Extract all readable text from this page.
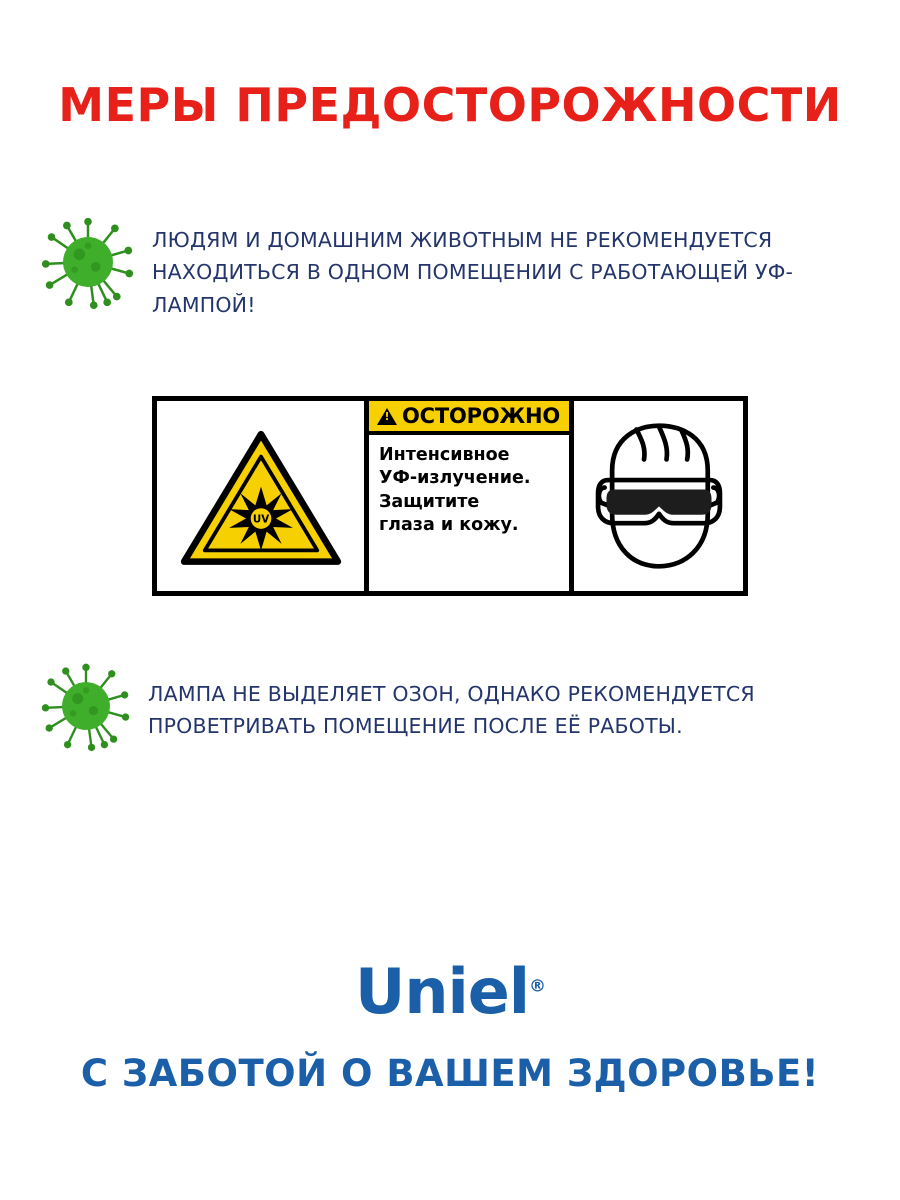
МЕРЫ ПРЕДОСТОРОЖНОСТИ
ЛЮДЯМ И ДОМАШНИМ ЖИВОТНЫМ НЕ РЕКОМЕНДУЕТСЯ НАХОДИТЬСЯ В ОДНОМ ПОМЕЩЕНИИ С РАБОТАЮЩЕЙ УФ-ЛАМПОЙ!
UV
!
ОСТОРОЖНО
Интенсивное
УФ-излучение.
Защитите
глаза и кожу.
ЛАМПА НЕ ВЫДЕЛЯЕТ ОЗОН, ОДНАКО РЕКОМЕНДУЕТСЯ ПРОВЕТРИВАТЬ ПОМЕЩЕНИЕ ПОСЛЕ ЕЁ РАБОТЫ.
Uniel®
С ЗАБОТОЙ О ВАШЕМ ЗДОРОВЬЕ!
